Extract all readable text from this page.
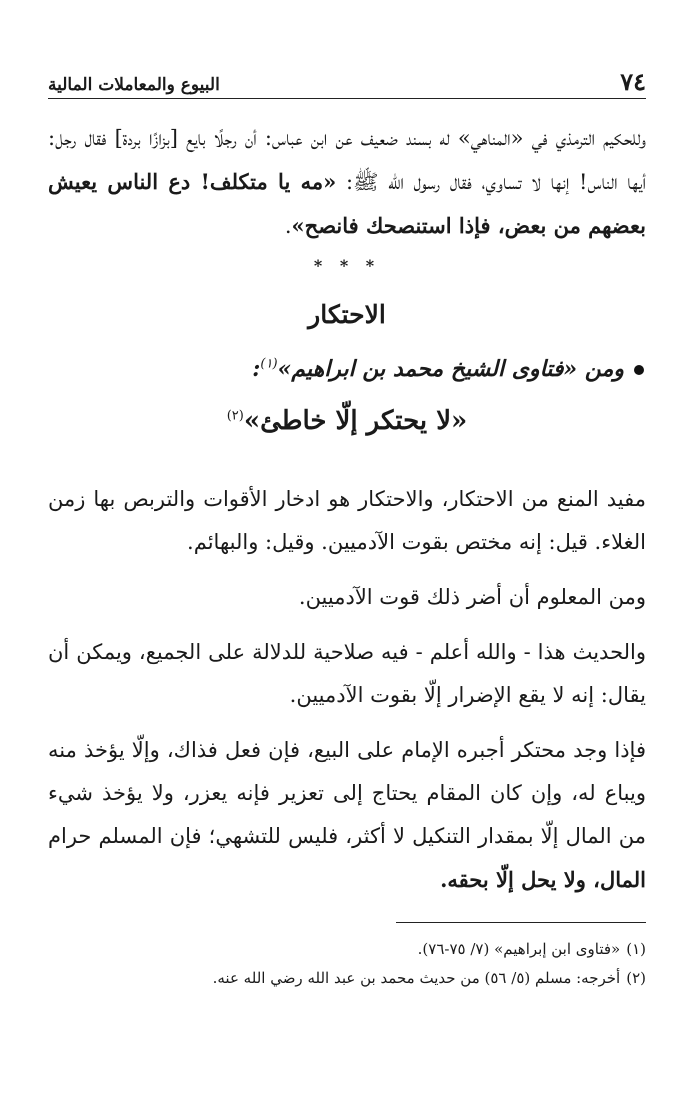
٧٤
البيوع والمعاملات المالية

وللحكيم الترمذي في «المناهي» له بسند ضعيف عن ابن عباس: أن رجلًا بايع [بزازًا بردة] فقال رجل: أيها الناس! إنها لا تساوي، فقال رسول الله ﷺ: «مه يا متكلف! دع الناس يعيش بعضهم من بعض، فإذا استنصحك فانصح».

* * *
الاحتكار
ومن «فتاوى الشيخ محمد بن ابراهيم»$^{(١)}$:
«لا يحتكر إلّا خاطئ»$^{(٢)}$

مفيد المنع من الاحتكار، والاحتكار هو ادخار الأقوات والتربص بها زمن الغلاء. قيل: إنه مختص بقوت الآدميين. وقيل: والبهائم.

ومن المعلوم أن أضر ذلك قوت الآدميين.

والحديث هذا - والله أعلم - فيه صلاحية للدلالة على الجميع، ويمكن أن يقال: إنه لا يقع الإضرار إلّا بقوت الآدميين.

فإذا وجد محتكر أجبره الإمام على البيع، فإن فعل فذاك، وإلّا يؤخذ منه ويباع له، وإن كان المقام يحتاج إلى تعزير فإنه يعزر، ولا يؤخذ شيء من المال إلّا بمقدار التنكيل لا أكثر، فليس للتشهي؛ فإن المسلم حرام المال، ولا يحل إلّا بحقه.

(١)«فتاوى ابن إبراهيم» (٧/ ٧٥-٧٦).
(٢)أخرجه: مسلم (٥/ ٥٦) من حديث محمد بن عبد الله رضي الله عنه.
